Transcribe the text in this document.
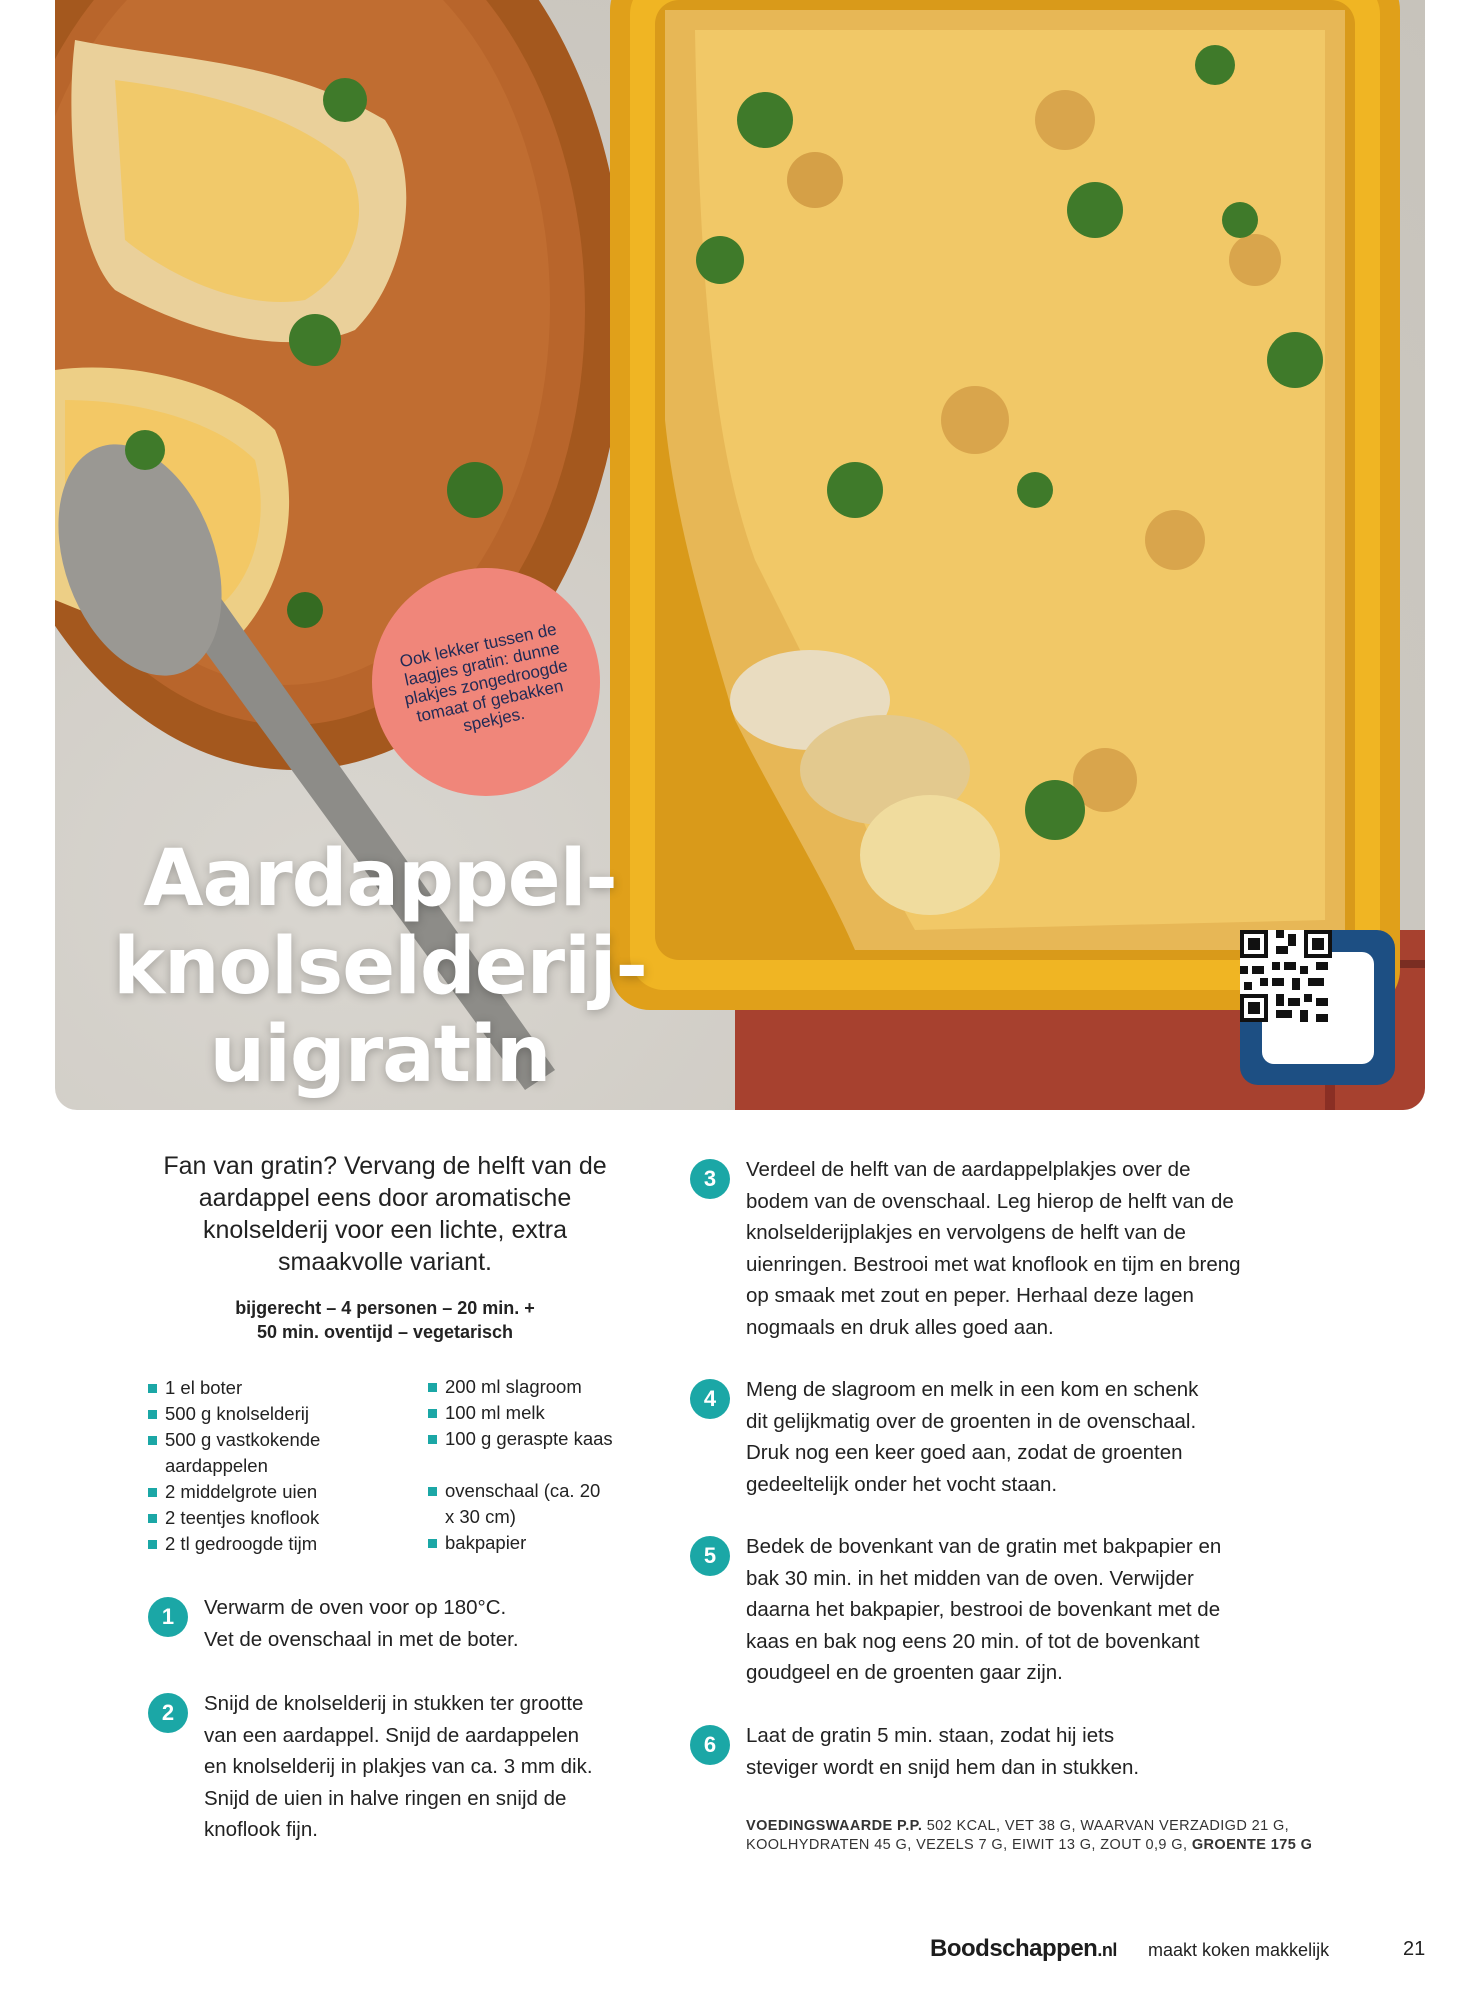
Ook lekker tussen de laagjes gratin: dunne plakjes zongedroogde tomaat of gebakken spekjes.

Aardappel-
knolselderij-
uigratin
Fan van gratin? Vervang de helft van de aardappel eens door aromatische knolselderij voor een lichte, extra smaakvolle variant.
bijgerecht – 4 personen – 20 min. +
50 min. oventijd – vegetarisch
1 el boter
500 g knolselderij
500 g vastkokende aardappelen
2 middelgrote uien
2 teentjes knoflook
2 tl gedroogde tijm
200 ml slagroom
100 ml melk
100 g geraspte kaas
ovenschaal (ca. 20 x 30 cm)
bakpapier
1	Verwarm de oven voor op 180°C.
Vet de ovenschaal in met de boter.
2	Snijd de knolselderij in stukken ter grootte
van een aardappel. Snijd de aardappelen
en knolselderij in plakjes van ca. 3 mm dik.
Snijd de uien in halve ringen en snijd de
knoflook fijn.
3	Verdeel de helft van de aardappelplakjes over de
bodem van de ovenschaal. Leg hierop de helft van de
knolselderijplakjes en vervolgens de helft van de
uienringen. Bestrooi met wat knoflook en tijm en breng
op smaak met zout en peper. Herhaal deze lagen
nogmaals en druk alles goed aan.
4	Meng de slagroom en melk in een kom en schenk
dit gelijkmatig over de groenten in de ovenschaal.
Druk nog een keer goed aan, zodat de groenten
gedeeltelijk onder het vocht staan.
5	Bedek de bovenkant van de gratin met bakpapier en
bak 30 min. in het midden van de oven. Verwijder
daarna het bakpapier, bestrooi de bovenkant met de
kaas en bak nog eens 20 min. of tot de bovenkant
goudgeel en de groenten gaar zijn.
6	Laat de gratin 5 min. staan, zodat hij iets
steviger wordt en snijd hem dan in stukken.
VOEDINGSWAARDE P.P. 502 KCAL, VET 38 G, WAARVAN VERZADIGD 21 G,
KOOLHYDRATEN 45 G, VEZELS 7 G, EIWIT 13 G, ZOUT 0,9 G, GROENTE 175 G
Boodschappen.nl maakt koken makkelijk	21
